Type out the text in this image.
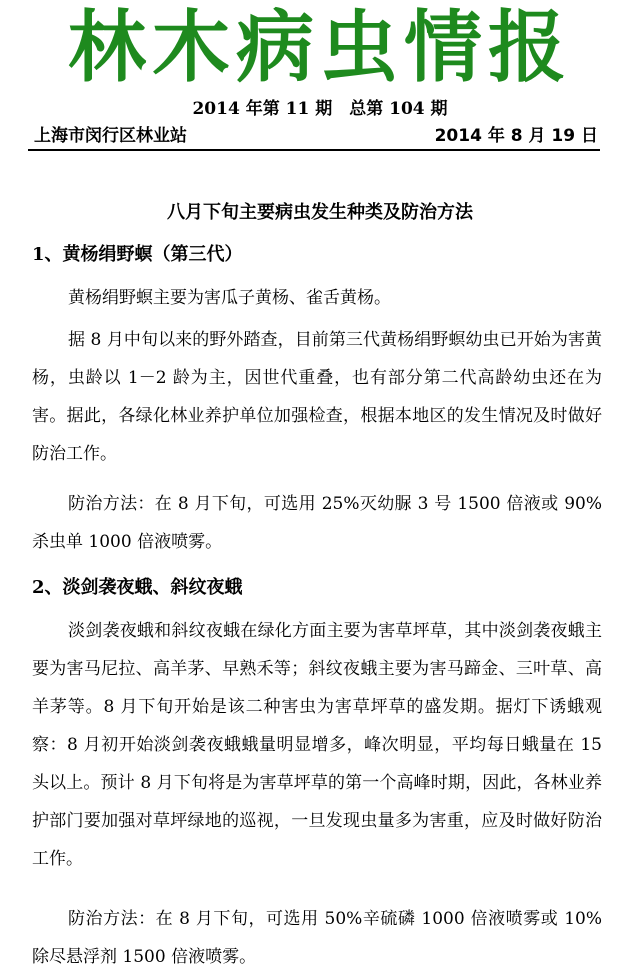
林木病虫情报
2014 年第 11 期　总第 104 期
上海市闵行区林业站	2014 年 8 月 19 日
八月下旬主要病虫发生种类及防治方法
1、黄杨绢野螟（第三代）
黄杨绢野螟主要为害瓜子黄杨、雀舌黄杨。
据 8 月中旬以来的野外踏查，目前第三代黄杨绢野螟幼虫已开始为害黄杨，虫龄以 1－2 龄为主，因世代重叠，也有部分第二代高龄幼虫还在为害。据此，各绿化林业养护单位加强检查，根据本地区的发生情况及时做好防治工作。
防治方法：在 8 月下旬，可选用 25%灭幼脲 3 号 1500 倍液或 90%杀虫单 1000 倍液喷雾。
2、淡剑袭夜蛾、斜纹夜蛾
淡剑袭夜蛾和斜纹夜蛾在绿化方面主要为害草坪草，其中淡剑袭夜蛾主要为害马尼拉、高羊茅、早熟禾等；斜纹夜蛾主要为害马蹄金、三叶草、高羊茅等。8 月下旬开始是该二种害虫为害草坪草的盛发期。据灯下诱蛾观察：8 月初开始淡剑袭夜蛾蛾量明显增多，峰次明显，平均每日蛾量在 15 头以上。预计 8 月下旬将是为害草坪草的第一个高峰时期，因此，各林业养护部门要加强对草坪绿地的巡视，一旦发现虫量多为害重，应及时做好防治工作。
防治方法：在 8 月下旬，可选用 50%辛硫磷 1000 倍液喷雾或 10%除尽悬浮剂 1500 倍液喷雾。
